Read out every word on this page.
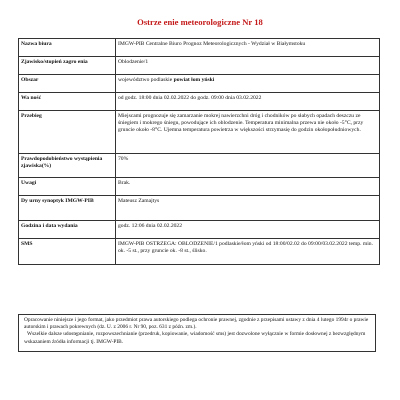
Ostrze enie meteorologiczne Nr 18
Nazwa biura	IMGW-PIB Centralne Biuro Prognoz Meteorologicznych - Wydział w Białymstoku
Zjawisko/stopień zagro enia	Oblodzenie/1
Obszar	województwo podlaskie powiat łom yński
Wa ność	od godz. 18:00 dnia 02.02.2022 do godz. 09:00 dnia 03.02.2022
Przebieg	Miejscami prognozuje się zamarzanie mokrej nawierzchni dróg i chodników po słabych opadach deszczu ze śniegiem i mokrego śniegu, powodujące ich oblodzenie. Temperatura minimalna przewa nie około -5°C, przy gruncie około -8°C. Ujemna temperatura powietrza w większości strzymasię do godzin okołopołudniowych.
Prawdopodobieństwo wystąpienia zjawiska(%)	70%
Uwagi	Brak.
Dy urny synoptyk IMGW-PIB	Mateusz Zamajtys
Godzina i data wydania	godz. 12:06 dnia 02.02.2022
SMS	IMGW-PIB OSTRZEGA: OBLODZENIE/1 podlaskie/łom yński od 18:00/02.02 do 09:00/03.02.2022 temp. min. ok. -5 st., przy gruncie ok. -8 st., ślisko.

Opracowanie niniejsze i jego format, jako przedmiot prawa autorskiego podlega ochronie prawnej, zgodnie z przepisami ustawy z dnia 4 lutego 1994r o prawie autorskim i prawach pokrewnych (dz. U. z 2006 r. Nr 90, poz. 631 z późn. zm.).

Wszelkie dalsze udostępnianie, rozpowszechnianie (przedruk, kopiowanie, wiadomość sms) jest dozwolone wyłącznie w formie dosłownej z bezwzględnym wskazaniem źródła informacji tj. IMGW-PIB.
